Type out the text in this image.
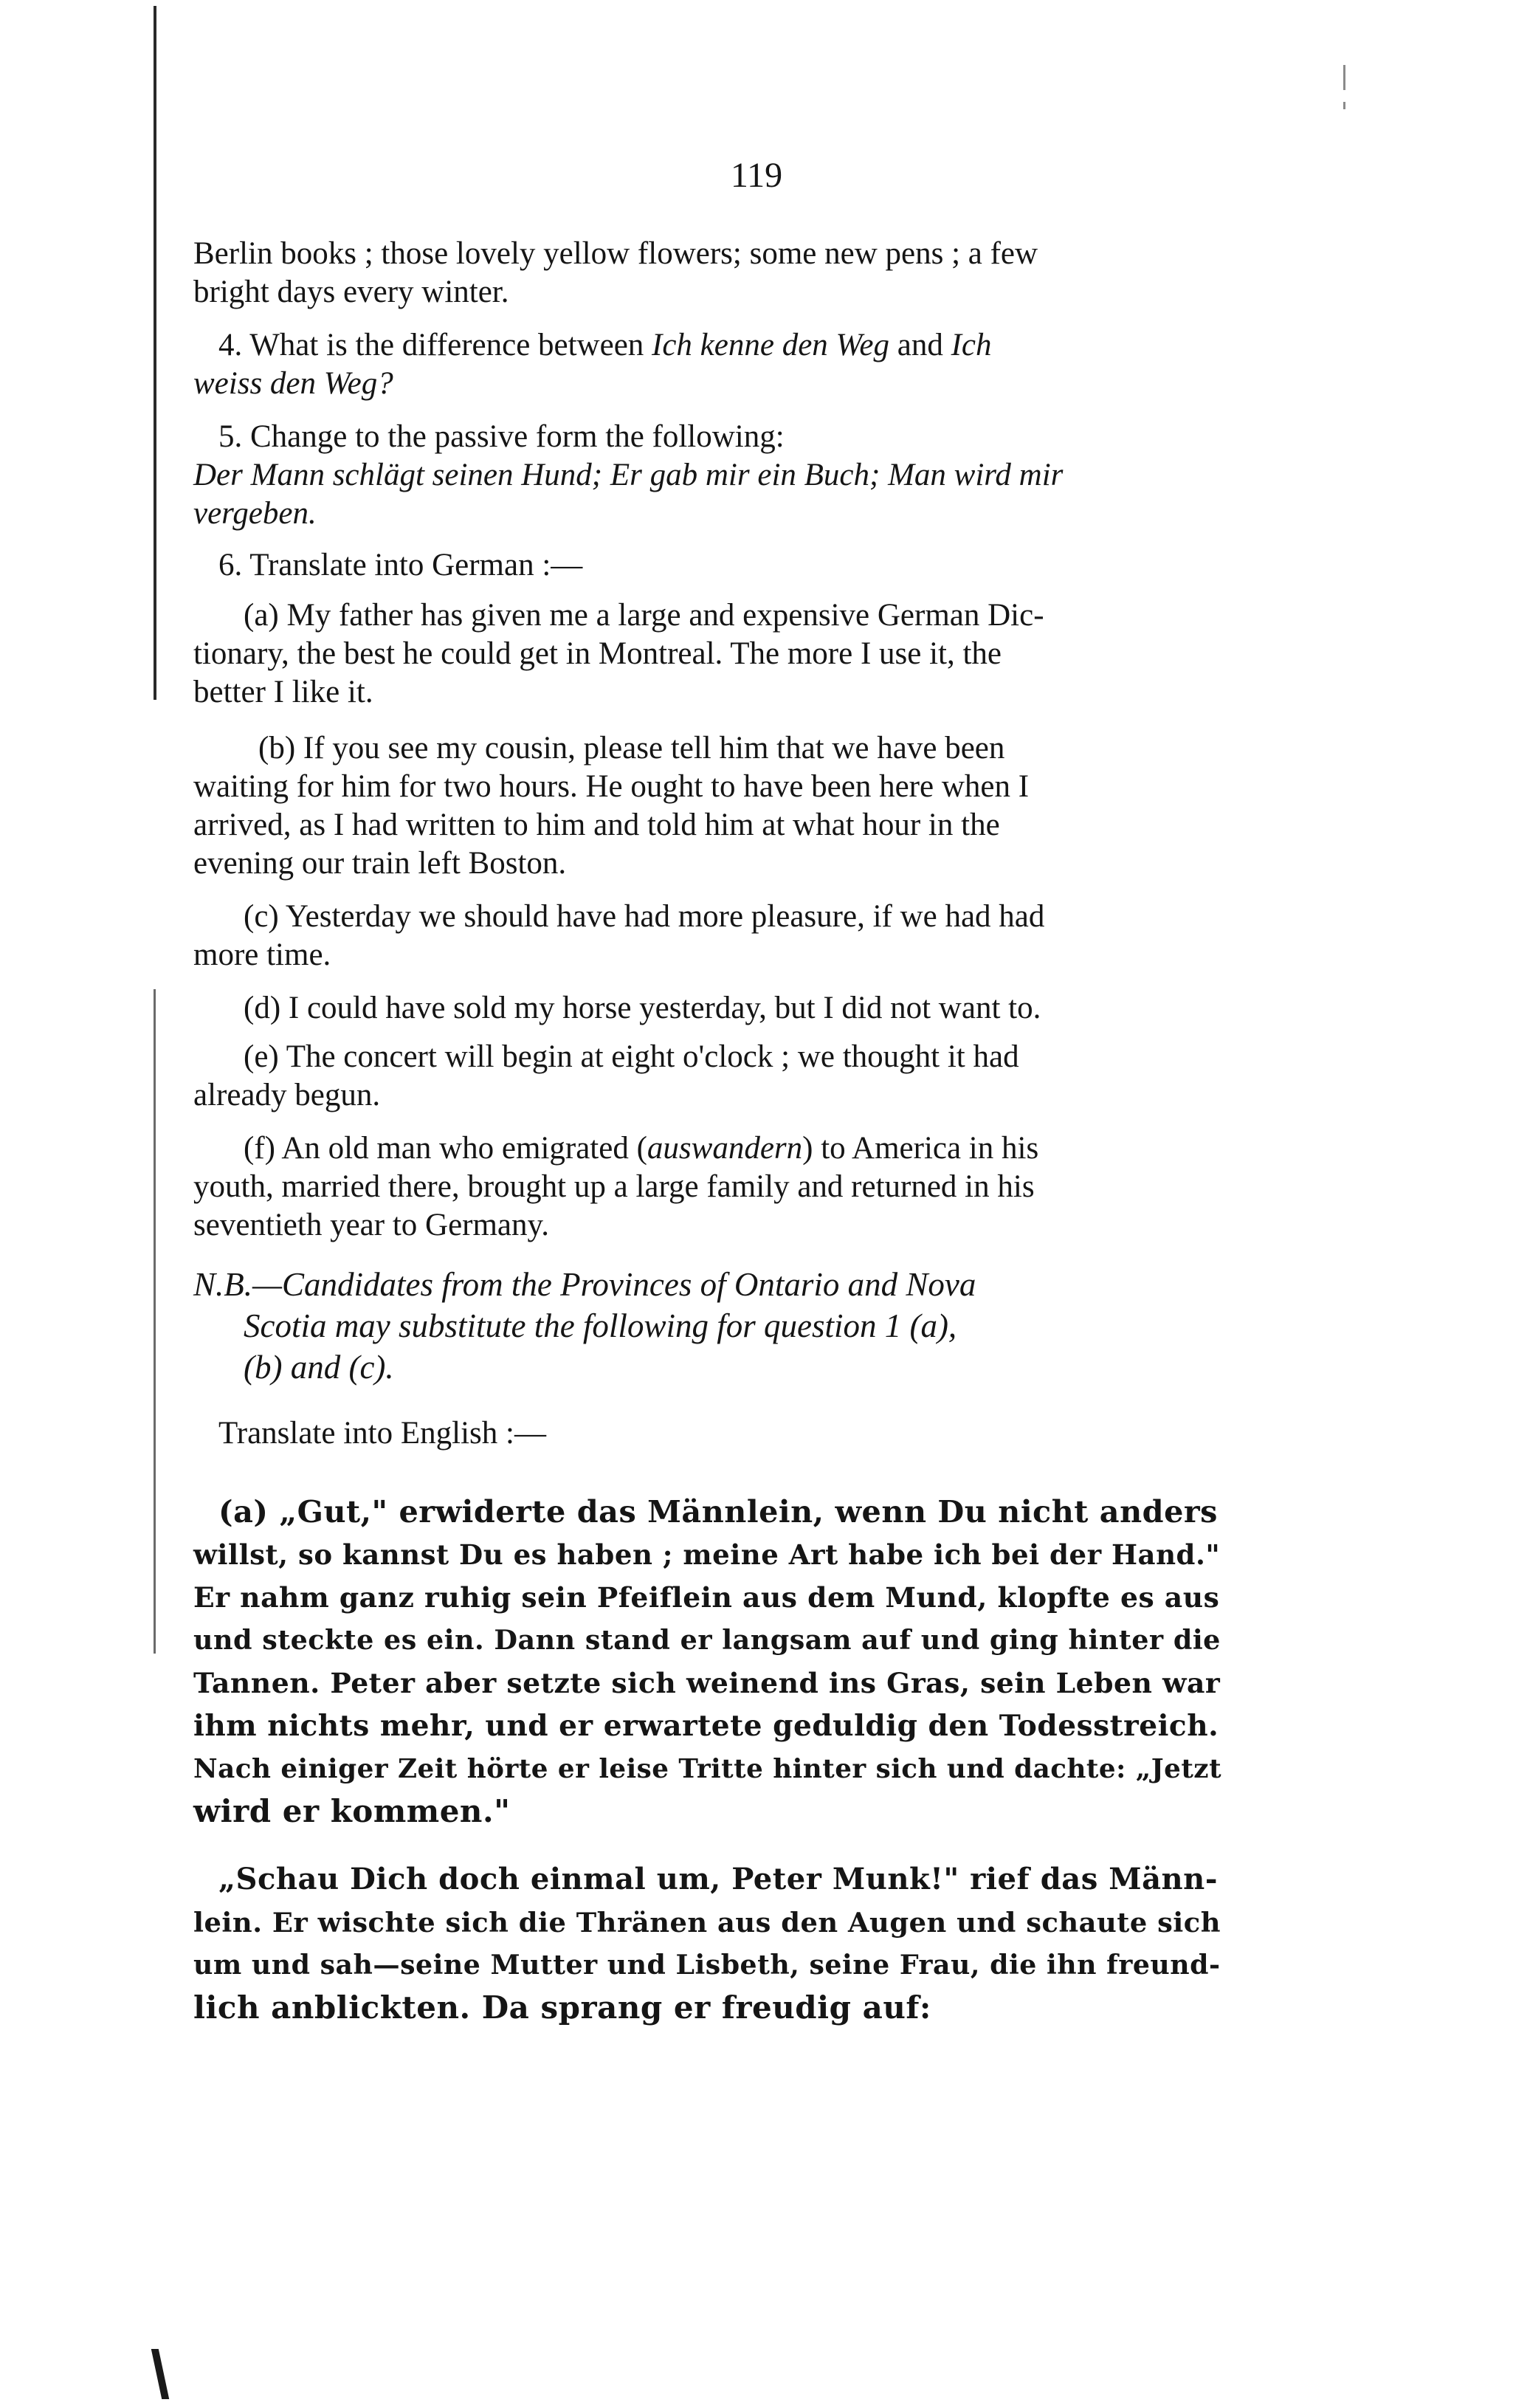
119
Berlin books ; those lovely yellow flowers; some new pens ; a few
bright days every winter.
4. What is the difference between Ich kenne den Weg and Ich
weiss den Weg?
5. Change to the passive form the following:
Der Mann schlägt seinen Hund; Er gab mir ein Buch; Man wird mir
vergeben.
6. Translate into German :—
(a) My father has given me a large and expensive German Dic-
tionary, the best he could get in Montreal. The more I use it, the
better I like it.
(b) If you see my cousin, please tell him that we have been
waiting for him for two hours. He ought to have been here when I
arrived, as I had written to him and told him at what hour in the
evening our train left Boston.
(c) Yesterday we should have had more pleasure, if we had had
more time.
(d) I could have sold my horse yesterday, but I did not want to.
(e) The concert will begin at eight o'clock ; we thought it had
already begun.
(f) An old man who emigrated (auswandern) to America in his
youth, married there, brought up a large family and returned in his
seventieth year to Germany.
N.B.—Candidates from the Provinces of Ontario and Nova
Scotia may substitute the following for question 1 (a),
(b) and (c).
Translate into English :—
(a) „Gut," erwiderte das Männlein, wenn Du nicht anders
willst, so kannst Du es haben ; meine Art habe ich bei der Hand."
Er nahm ganz ruhig sein Pfeiflein aus dem Mund, klopfte es aus
und steckte es ein. Dann stand er langsam auf und ging hinter die
Tannen. Peter aber setzte sich weinend ins Gras, sein Leben war
ihm nichts mehr, und er erwartete geduldig den Todesstreich.
Nach einiger Zeit hörte er leise Tritte hinter sich und dachte: „Jetzt
wird er kommen."
„Schau Dich doch einmal um, Peter Munk!" rief das Männ-
lein. Er wischte sich die Thränen aus den Augen und schaute sich
um und sah—seine Mutter und Lisbeth, seine Frau, die ihn freund-
lich anblickten. Da sprang er freudig auf:
